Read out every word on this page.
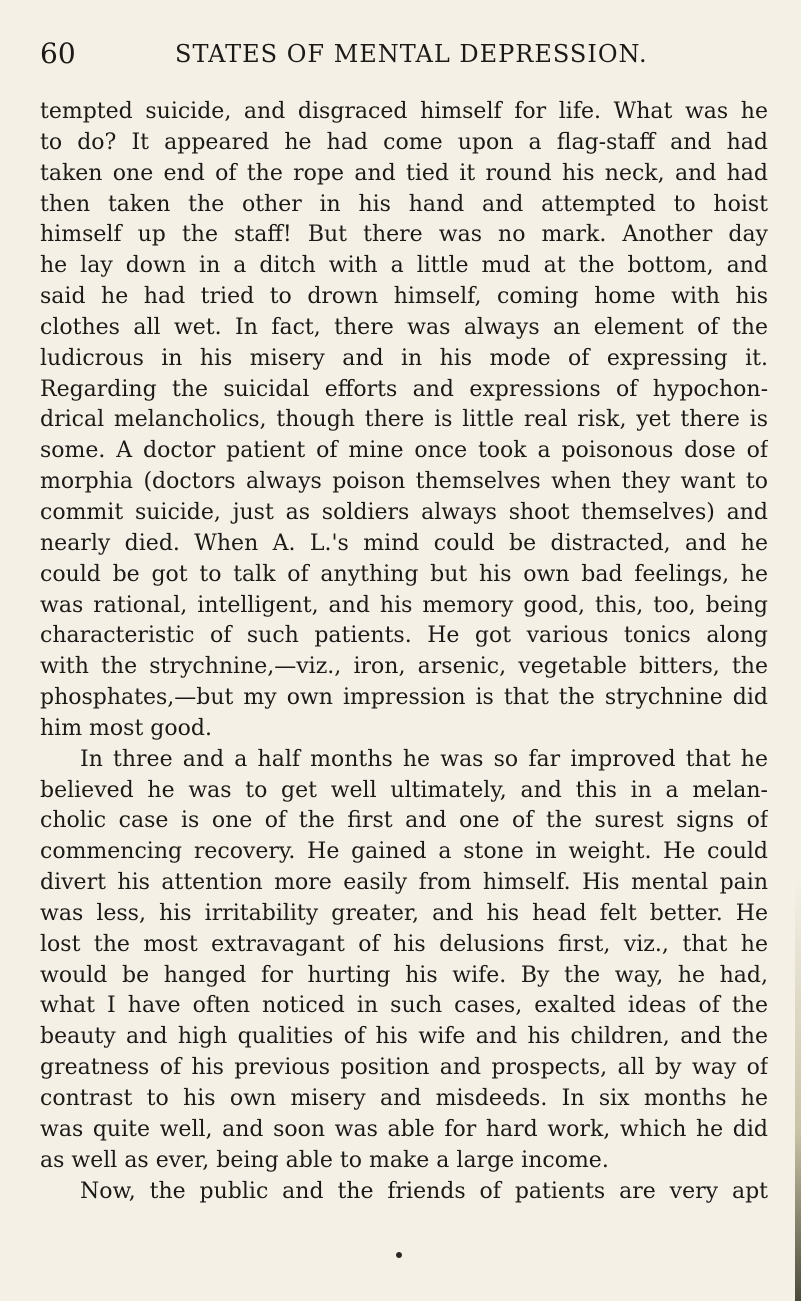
60	STATES OF MENTAL DEPRESSION.
tempted suicide, and disgraced himself for life. What was he
to do? It appeared he had come upon a flag-staff and had
taken one end of the rope and tied it round his neck, and had
then taken the other in his hand and attempted to hoist
himself up the staff! But there was no mark. Another day
he lay down in a ditch with a little mud at the bottom, and
said he had tried to drown himself, coming home with his
clothes all wet. In fact, there was always an element of the
ludicrous in his misery and in his mode of expressing it.
Regarding the suicidal efforts and expressions of hypochon-
drical melancholics, though there is little real risk, yet there is
some. A doctor patient of mine once took a poisonous dose of
morphia (doctors always poison themselves when they want to
commit suicide, just as soldiers always shoot themselves) and
nearly died. When A. L.'s mind could be distracted, and he
could be got to talk of anything but his own bad feelings, he
was rational, intelligent, and his memory good, this, too, being
characteristic of such patients. He got various tonics along
with the strychnine,—viz., iron, arsenic, vegetable bitters, the
phosphates,—but my own impression is that the strychnine did
him most good.
In three and a half months he was so far improved that he
believed he was to get well ultimately, and this in a melan-
cholic case is one of the first and one of the surest signs of
commencing recovery. He gained a stone in weight. He could
divert his attention more easily from himself. His mental pain
was less, his irritability greater, and his head felt better. He
lost the most extravagant of his delusions first, viz., that he
would be hanged for hurting his wife. By the way, he had,
what I have often noticed in such cases, exalted ideas of the
beauty and high qualities of his wife and his children, and the
greatness of his previous position and prospects, all by way of
contrast to his own misery and misdeeds. In six months he
was quite well, and soon was able for hard work, which he did
as well as ever, being able to make a large income.
Now, the public and the friends of patients are very apt
